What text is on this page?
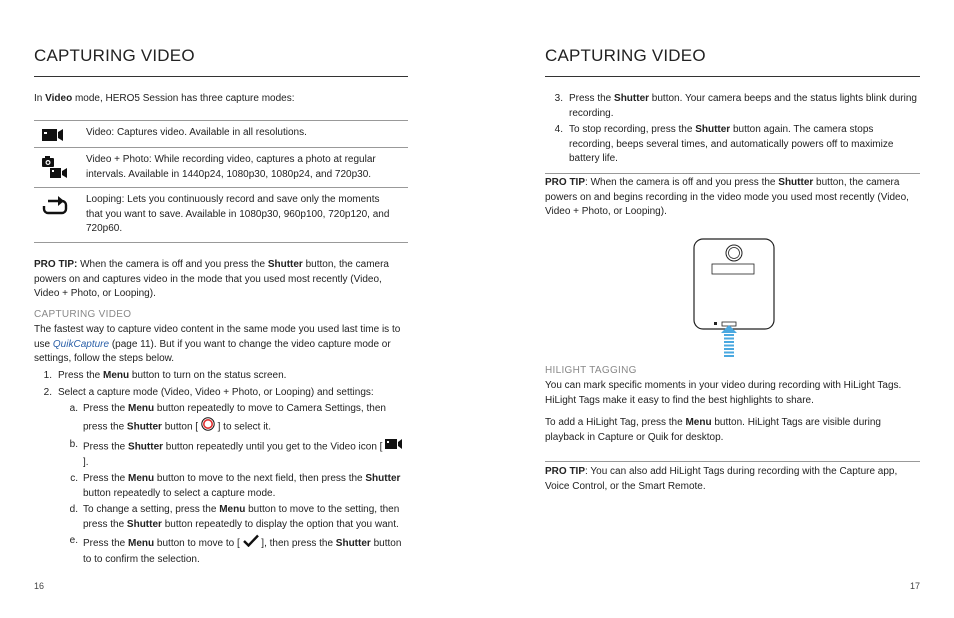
CAPTURING VIDEO
In Video mode, HERO5 Session has three capture modes:
Video: Captures video. Available in all resolutions.
Video + Photo: While recording video, captures a photo at regular intervals. Available in 1440p24, 1080p30, 1080p24, and 720p30.
Looping: Lets you continuously record and save only the moments that you want to save. Available in 1080p30, 960p100, 720p120, and 720p60.
PRO TIP: When the camera is off and you press the Shutter button, the camera powers on and captures video in the mode that you used most recently (Video, Video + Photo, or Looping).
CAPTURING VIDEO
The fastest way to capture video content in the same mode you used last time is to use QuikCapture (page 11). But if you want to change the video capture mode or settings, follow the steps below.
1. Press the Menu button to turn on the status screen.
2. Select a capture mode (Video, Video + Photo, or Looping) and settings:
a. Press the Menu button repeatedly to move to Camera Settings, then press the Shutter button [  ] to select it.
b. Press the Shutter button repeatedly until you get to the Video icon [  ].
c. Press the Menu button to move to the next field, then press the Shutter button repeatedly to select a capture mode.
d. To change a setting, press the Menu button to move to the setting, then press the Shutter button repeatedly to display the option that you want.
e. Press the Menu button to move to [  ], then press the Shutter button to to confirm the selection.
16
CAPTURING VIDEO
3. Press the Shutter button. Your camera beeps and the status lights blink during recording.
4. To stop recording, press the Shutter button again. The camera stops recording, beeps several times, and automatically powers off to maximize battery life.
PRO TIP: When the camera is off and you press the Shutter button, the camera powers on and begins recording in the video mode you used most recently (Video, Video + Photo, or Looping).
HILIGHT TAGGING
You can mark specific moments in your video during recording with HiLight Tags. HiLight Tags make it easy to find the best highlights to share.
To add a HiLight Tag, press the Menu button. HiLight Tags are visible during playback in Capture or Quik for desktop.
PRO TIP: You can also add HiLight Tags during recording with the Capture app, Voice Control, or the Smart Remote.
17
